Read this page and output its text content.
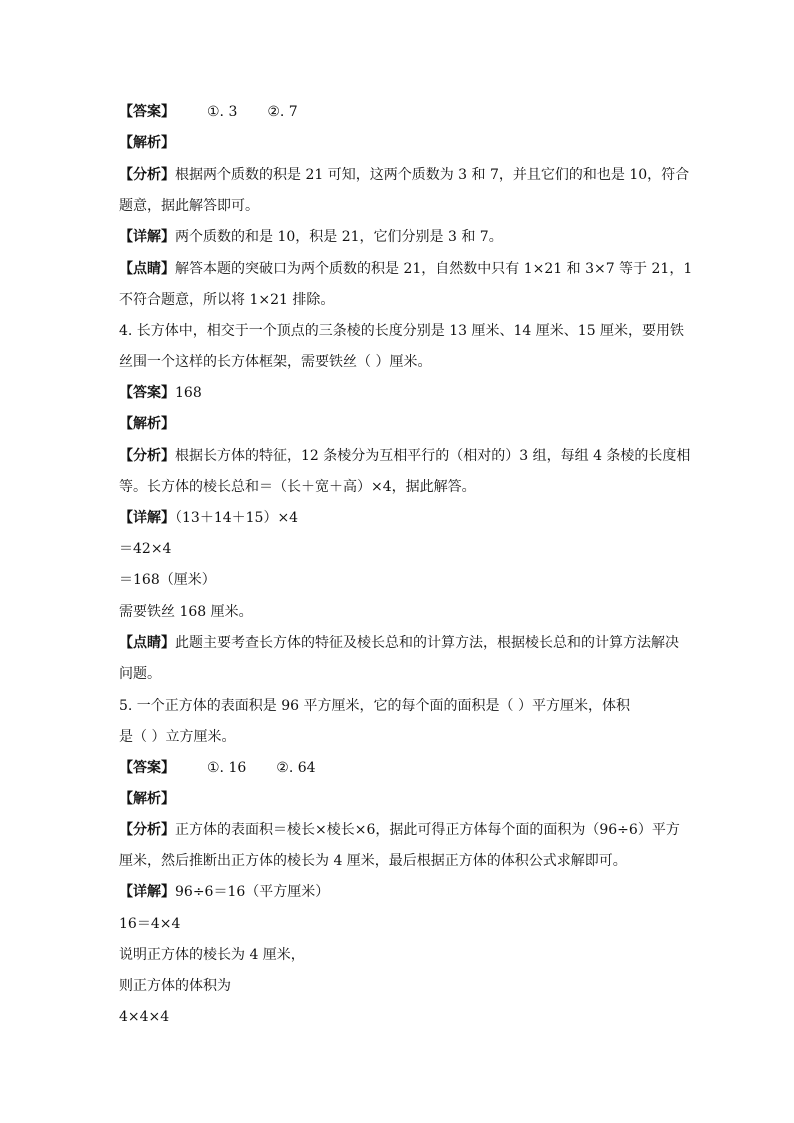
【答案】 ①. 3 ②. 7
【解析】
【分析】根据两个质数的积是 21 可知，这两个质数为 3 和 7，并且它们的和也是 10，符合
题意，据此解答即可。
【详解】两个质数的和是 10，积是 21，它们分别是 3 和 7。
【点睛】解答本题的突破口为两个质数的积是 21，自然数中只有 1×21 和 3×7 等于 21，1
不符合题意，所以将 1×21 排除。
4. 长方体中，相交于一个顶点的三条棱的长度分别是 13 厘米、14 厘米、15 厘米，要用铁
丝围一个这样的长方体框架，需要铁丝（ ）厘米。
【答案】168
【解析】
【分析】根据长方体的特征，12 条棱分为互相平行的（相对的）3 组，每组 4 条棱的长度相
等。长方体的棱长总和＝（长＋宽＋高）×4，据此解答。
【详解】（13＋14＋15）×4
＝42×4
＝168（厘米）
需要铁丝 168 厘米。
【点睛】此题主要考查长方体的特征及棱长总和的计算方法，根据棱长总和的计算方法解决
问题。
5. 一个正方体的表面积是 96 平方厘米，它的每个面的面积是（ ）平方厘米，体积
是（ ）立方厘米。
【答案】 ①. 16 ②. 64
【解析】
【分析】正方体的表面积＝棱长×棱长×6，据此可得正方体每个面的面积为（96÷6）平方
厘米，然后推断出正方体的棱长为 4 厘米，最后根据正方体的体积公式求解即可。
【详解】96÷6＝16（平方厘米）
16＝4×4
说明正方体的棱长为 4 厘米，
则正方体的体积为
4×4×4
